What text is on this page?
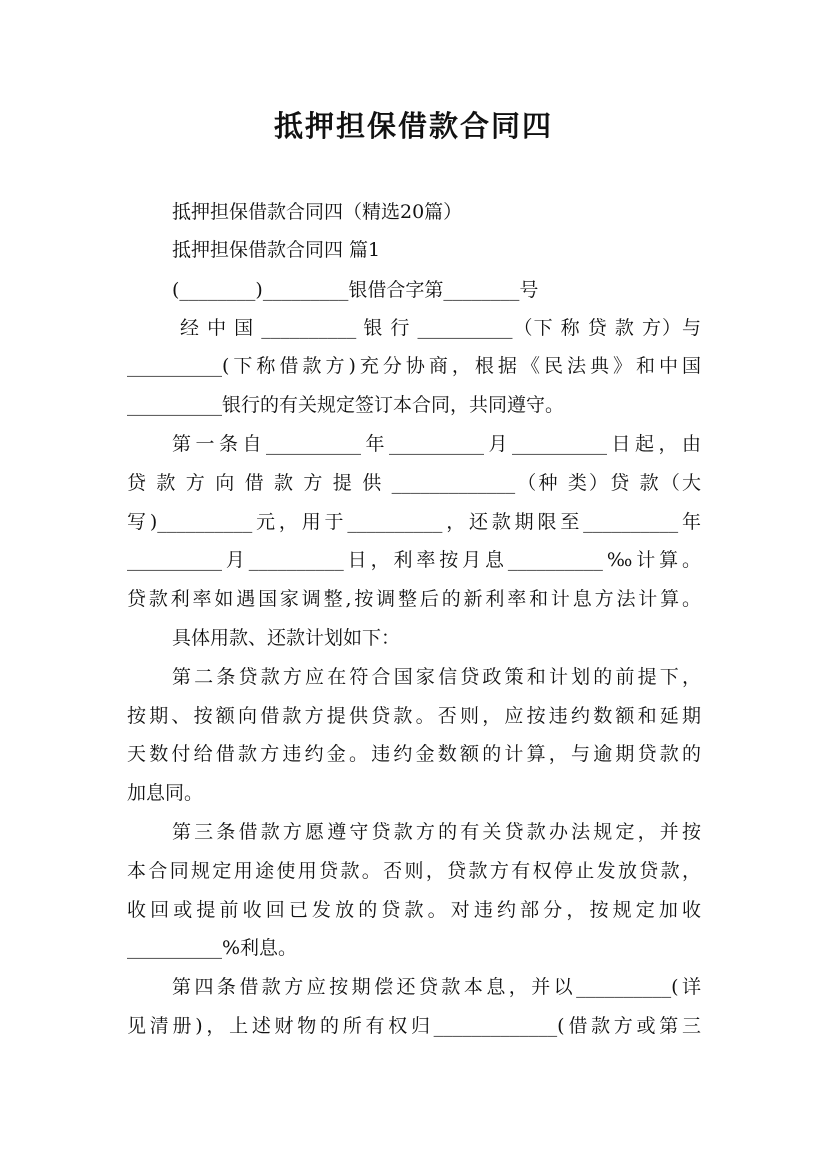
抵押担保借款合同四
抵押担保借款合同四（精选20篇）
抵押担保借款合同四 篇1
(________)_________银借合字第________号
经 中 国 __________ 银 行 __________（下 称 贷 款 方）与
__________(下称借款方)充分协商，根据《民法典》和中国
__________银行的有关规定签订本合同，共同遵守。
第一条自__________年__________月__________日起，由
贷 款 方 向 借 款 方 提 供 _____________（种 类）贷 款（大
写)__________元，用于__________，还款期限至__________年
__________月__________日，利率按月息__________‰计算。
贷款利率如遇国家调整,按调整后的新利率和计息方法计算。
具体用款、还款计划如下：
第二条贷款方应在符合国家信贷政策和计划的前提下，
按期、按额向借款方提供贷款。否则，应按违约数额和延期
天数付给借款方违约金。违约金数额的计算，与逾期贷款的
加息同。
第三条借款方愿遵守贷款方的有关贷款办法规定，并按
本合同规定用途使用贷款。否则，贷款方有权停止发放贷款，
收回或提前收回已发放的贷款。对违约部分，按规定加收
__________%利息。
第四条借款方应按期偿还贷款本息，并以__________(详
见清册)，上述财物的所有权归_____________(借款方或第三
